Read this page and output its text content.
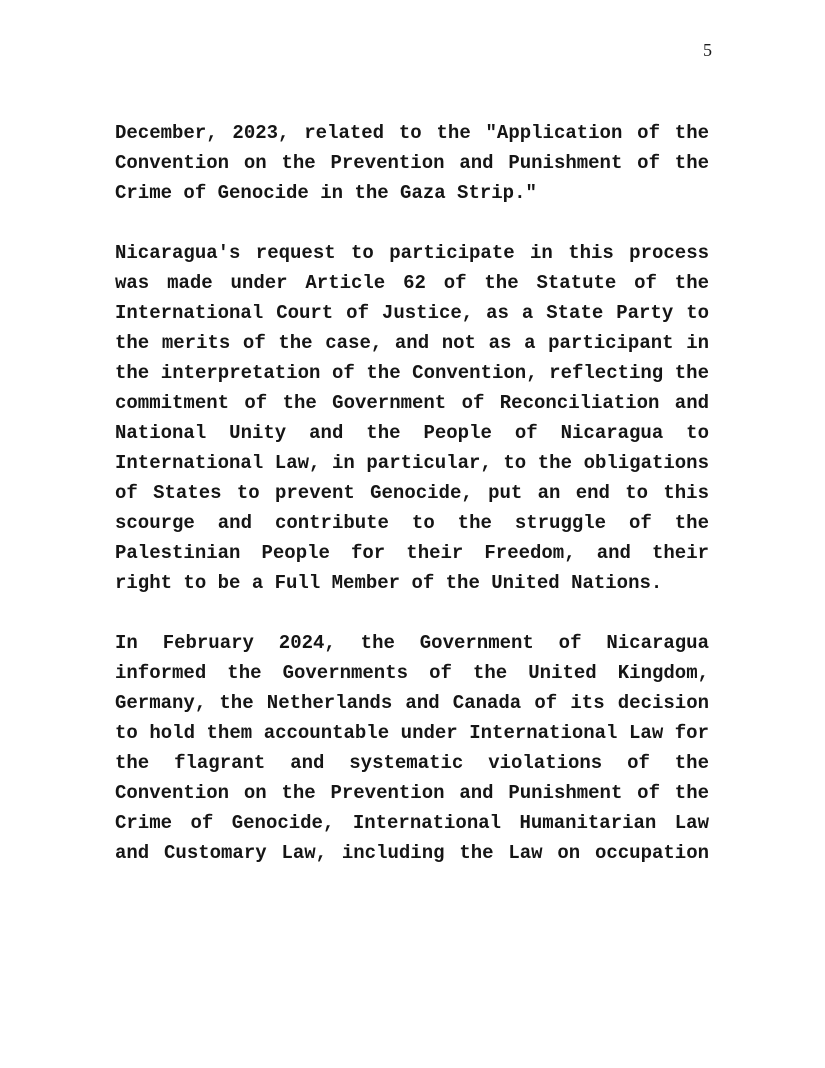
5
December, 2023, related to the "Application of the
Convention on the Prevention and Punishment of the
Crime of Genocide in the Gaza Strip."
Nicaragua's request to participate in this process
was made under Article 62 of the Statute of the
International Court of Justice, as a State Party to
the merits of the case, and not as a participant in
the interpretation of the Convention, reflecting the
commitment of the Government of Reconciliation and
National Unity and the People of Nicaragua to
International Law, in particular, to the obligations
of States to prevent Genocide, put an end to this
scourge and contribute to the struggle of the
Palestinian People for their Freedom, and their
right to be a Full Member of the United Nations.
In February 2024, the Government of Nicaragua
informed the Governments of the United Kingdom,
Germany, the Netherlands and Canada of its decision
to hold them accountable under International Law for
the flagrant and systematic violations of the
Convention on the Prevention and Punishment of the
Crime of Genocide, International Humanitarian Law
and Customary Law, including the Law on occupation
